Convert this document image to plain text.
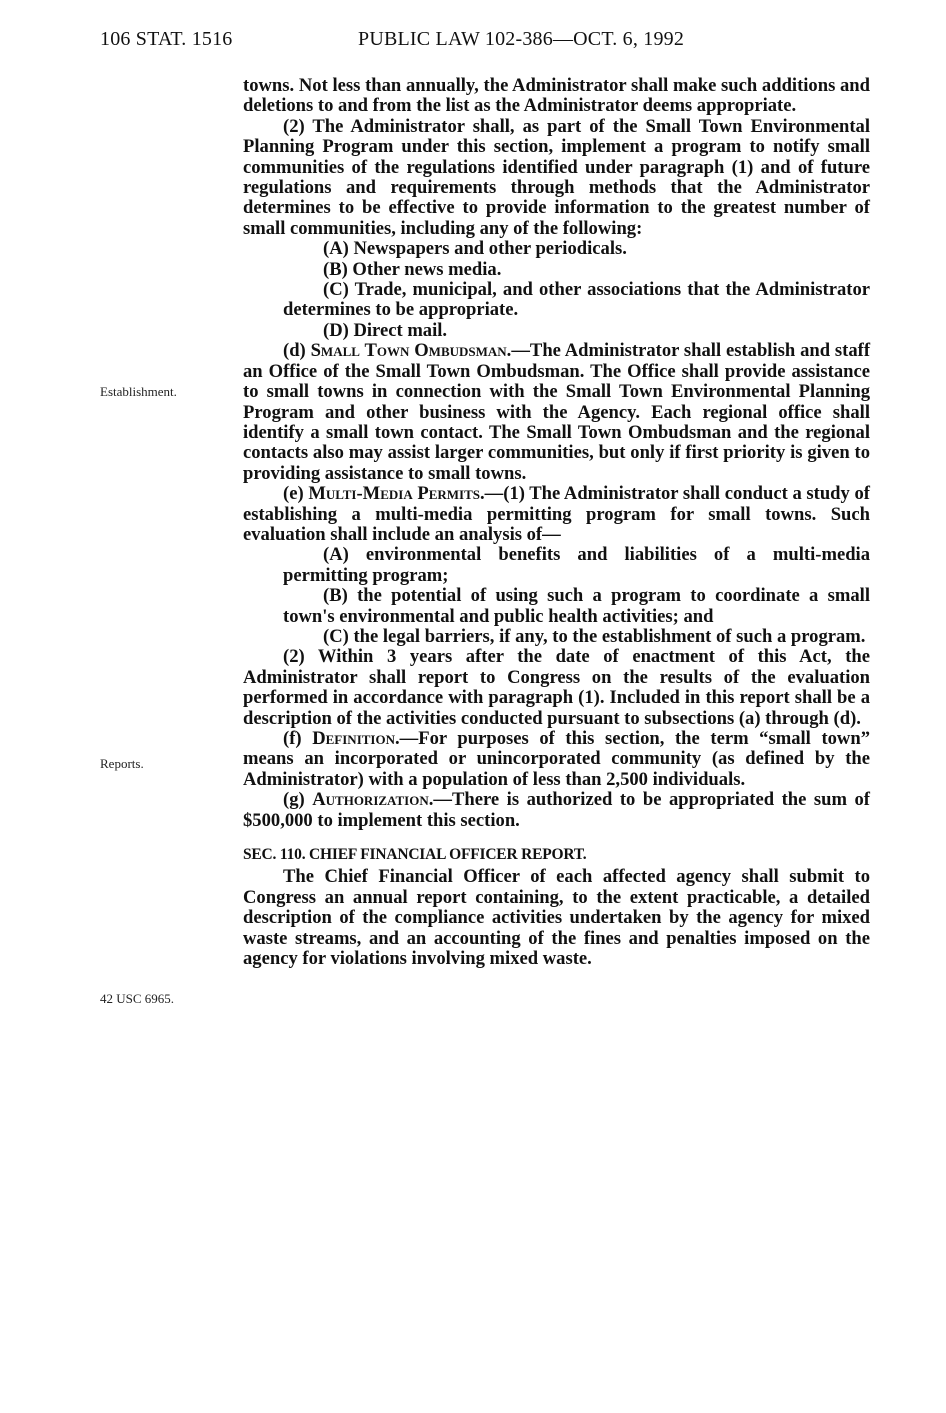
106 STAT. 1516	PUBLIC LAW 102-386—OCT. 6, 1992
Establishment.
Reports.
42 USC 6965.

towns. Not less than annually, the Administrator shall make such additions and deletions to and from the list as the Administrator deems appropriate.

(2) The Administrator shall, as part of the Small Town Environmental Planning Program under this section, implement a program to notify small communities of the regulations identified under paragraph (1) and of future regulations and requirements through methods that the Administrator determines to be effective to provide information to the greatest number of small communities, including any of the following:

(A) Newspapers and other periodicals.

(B) Other news media.

(C) Trade, municipal, and other associations that the Administrator determines to be appropriate.

(D) Direct mail.

(d) Small Town Ombudsman.—The Administrator shall establish and staff an Office of the Small Town Ombudsman. The Office shall provide assistance to small towns in connection with the Small Town Environmental Planning Program and other business with the Agency. Each regional office shall identify a small town contact. The Small Town Ombudsman and the regional contacts also may assist larger communities, but only if first priority is given to providing assistance to small towns.

(e) Multi-Media Permits.—(1) The Administrator shall conduct a study of establishing a multi-media permitting program for small towns. Such evaluation shall include an analysis of—

(A) environmental benefits and liabilities of a multi-media permitting program;

(B) the potential of using such a program to coordinate a small town's environmental and public health activities; and

(C) the legal barriers, if any, to the establishment of such a program.

(2) Within 3 years after the date of enactment of this Act, the Administrator shall report to Congress on the results of the evaluation performed in accordance with paragraph (1). Included in this report shall be a description of the activities conducted pursuant to subsections (a) through (d).

(f) Definition.—For purposes of this section, the term “small town” means an incorporated or unincorporated community (as defined by the Administrator) with a population of less than 2,500 individuals.

(g) Authorization.—There is authorized to be appropriated the sum of $500,000 to implement this section.

SEC. 110. CHIEF FINANCIAL OFFICER REPORT.

The Chief Financial Officer of each affected agency shall submit to Congress an annual report containing, to the extent practicable, a detailed description of the compliance activities undertaken by the agency for mixed waste streams, and an accounting of the fines and penalties imposed on the agency for violations involving mixed waste.
